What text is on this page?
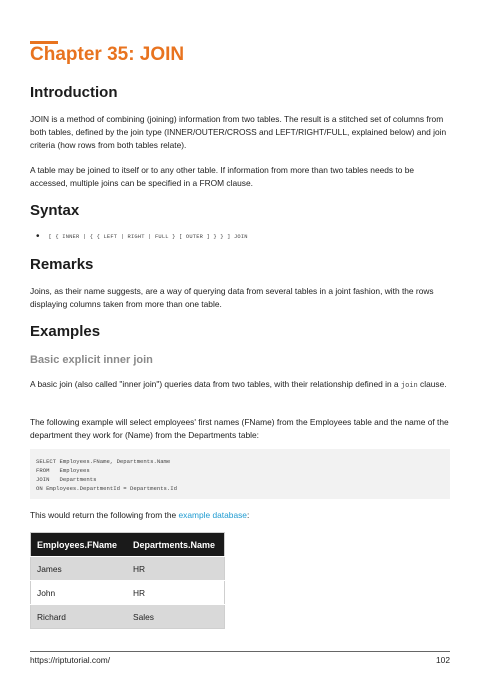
Chapter 35: JOIN
Introduction

JOIN is a method of combining (joining) information from two tables. The result is a stitched set of columns from both tables, defined by the join type (INNER/OUTER/CROSS and LEFT/RIGHT/FULL, explained below) and join criteria (how rows from both tables relate).

A table may be joined to itself or to any other table. If information from more than two tables needs to be accessed, multiple joins can be specified in a FROM clause.

Syntax
• [ { INNER | { { LEFT | RIGHT | FULL } [ OUTER ] } } ] JOIN
Remarks

Joins, as their name suggests, are a way of querying data from several tables in a joint fashion, with the rows displaying columns taken from more than one table.

Examples
Basic explicit inner join

A basic join (also called "inner join") queries data from two tables, with their relationship defined in a join clause.

The following example will select employees' first names (FName) from the Employees table and the name of the department they work for (Name) from the Departments table:

SELECT Employees.FName, Departments.Name
FROM   Employees
JOIN   Departments
ON Employees.DepartmentId = Departments.Id

This would return the following from the example database:

Employees.FName	Departments.Name
James	HR
John	HR
Richard	Sales
https://riptutorial.com/	102
